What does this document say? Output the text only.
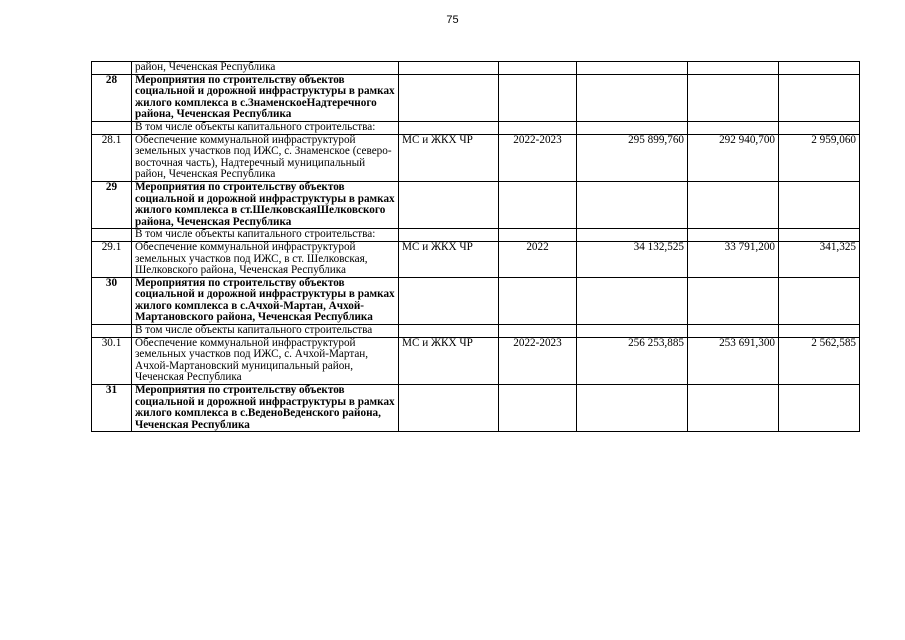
75
	район, Чеченская Республика					
28	Мероприятия по строительству объектов социальной и дорожной инфраструктуры в рамках жилого комплекса в с.ЗнаменскоеНадтеречного района, Чеченская Республика					
	В том числе объекты капитального строительства:					
28.1	Обеспечение коммунальной инфраструктурой земельных участков под ИЖС, с. Знаменское (северо-восточная часть), Надтеречный муниципальный район, Чеченская Республика	МС и ЖКХ ЧР	2022-2023	295 899,760	292 940,700	2 959,060
29	Мероприятия по строительству объектов социальной и дорожной инфраструктуры в рамках жилого комплекса в ст.ШелковскаяШелковского района, Чеченская Республика					
	В том числе объекты капитального строительства:					
29.1	Обеспечение коммунальной инфраструктурой земельных участков под ИЖС, в ст. Шелковская, Шелковского района, Чеченская Республика	МС и ЖКХ ЧР	2022	34 132,525	33 791,200	341,325
30	Мероприятия по строительству объектов социальной и дорожной инфраструктуры в рамках жилого комплекса в с.Ачхой-Мартан, Ачхой-Мартановского района, Чеченская Республика					
	В том числе объекты капитального строительства					
30.1	Обеспечение коммунальной инфраструктурой земельных участков под ИЖС, с. Ачхой-Мартан, Ачхой-Мартановский муниципальный район, Чеченская Республика	МС и ЖКХ ЧР	2022-2023	256 253,885	253 691,300	2 562,585
31	Мероприятия по строительству объектов социальной и дорожной инфраструктуры в рамках жилого комплекса в с.ВеденоВеденского района, Чеченская Республика					
